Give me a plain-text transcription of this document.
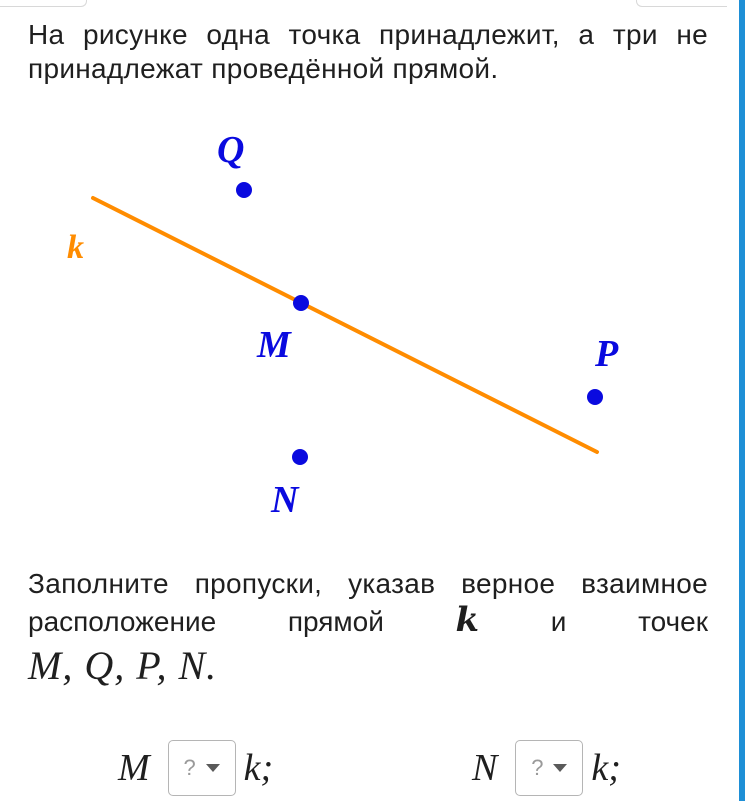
На рисунке одна точка принадлежит, а три не принадлежат проведённой прямой.
k
Q
M	P
N
Заполните пропуски, указав верное взаимное
расположение	прямой k	и	точек
M, Q, P, N.
M ? k;	N ? k;
